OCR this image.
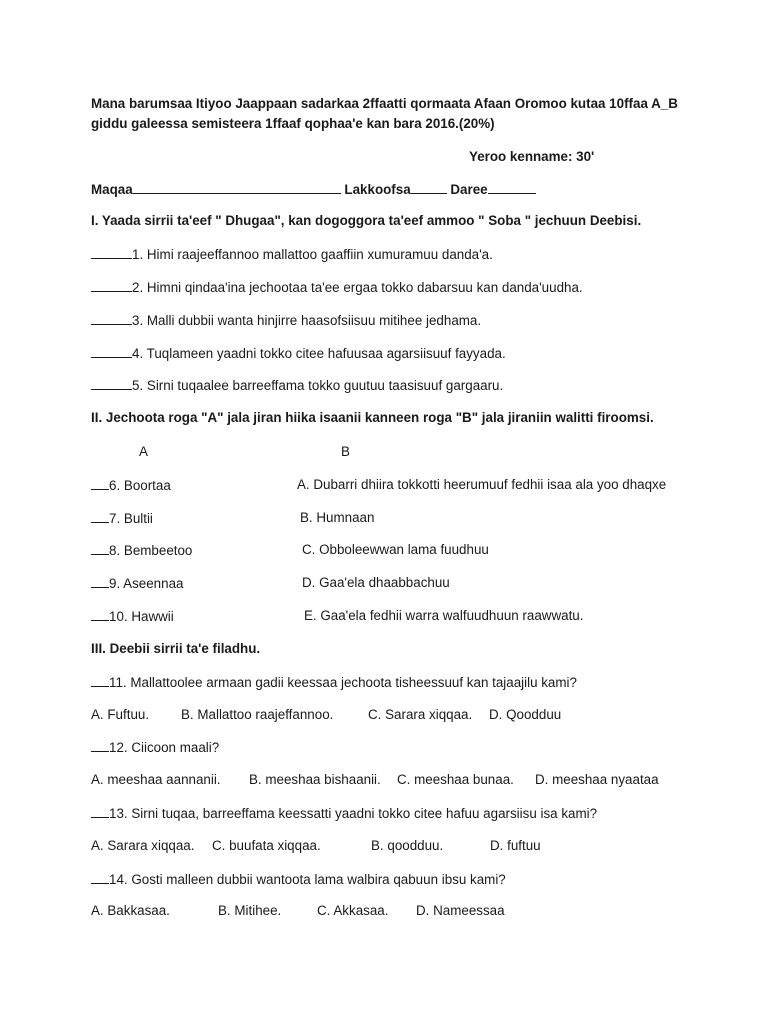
Mana barumsaa Itiyoo Jaappaan sadarkaa 2ffaatti qormaata Afaan Oromoo kutaa 10ffaa A_B
giddu galeessa semisteera 1ffaaf qophaa'e kan bara 2016.(20%)
Yeroo kenname: 30'
Maqaa	Lakkoofsa	Daree
I. Yaada sirrii ta'eef " Dhugaa", kan dogoggora ta'eef ammoo " Soba " jechuun Deebisi.
1. Himi raajeeffannoo mallattoo gaaffiin xumuramuu danda'a.
2. Himni qindaa'ina jechootaa ta'ee ergaa tokko dabarsuu kan danda'uudha.
3. Malli dubbii wanta hinjirre haasofsiisuu mitihee jedhama.
4. Tuqlameen yaadni tokko citee hafuusaa agarsiisuuf fayyada.
5. Sirni tuqaalee barreeffama tokko guutuu taasisuuf gargaaru.
II. Jechoota roga "A" jala jiran hiika isaanii kanneen roga "B" jala jiraniin walitti firoomsi.
A	B
6. Boortaa	A. Dubarri dhiira tokkotti heerumuuf fedhii isaa ala yoo dhaqxe
7. Bultii	B. Humnaan
8. Bembeetoo	C. Obboleewwan lama fuudhuu
9. Aseennaa	D. Gaa'ela dhaabbachuu
10. Hawwii	E. Gaa'ela fedhii warra walfuudhuun raawwatu.
III. Deebii sirrii ta'e filadhu.
11. Mallattoolee armaan gadii keessaa jechoota tisheessuuf kan tajaajilu kami?
A. Fuftuu. B. Mallattoo raajeffannoo.	C. Sarara xiqqaa. D. Qoodduu
12. Ciicoon maali?
A. meeshaa aannanii. B. meeshaa bishaanii. C. meeshaa bunaa. D. meeshaa nyaataa
13. Sirni tuqaa, barreeffama keessatti yaadni tokko citee hafuu agarsiisu isa kami?
A. Sarara xiqqaa. C. buufata xiqqaa.	B. qoodduu.	D. fuftuu
14. Gosti malleen dubbii wantoota lama walbira qabuun ibsu kami?
A. Bakkasaa.	B. Mitihee.	C. Akkasaa. D. Nameessaa
